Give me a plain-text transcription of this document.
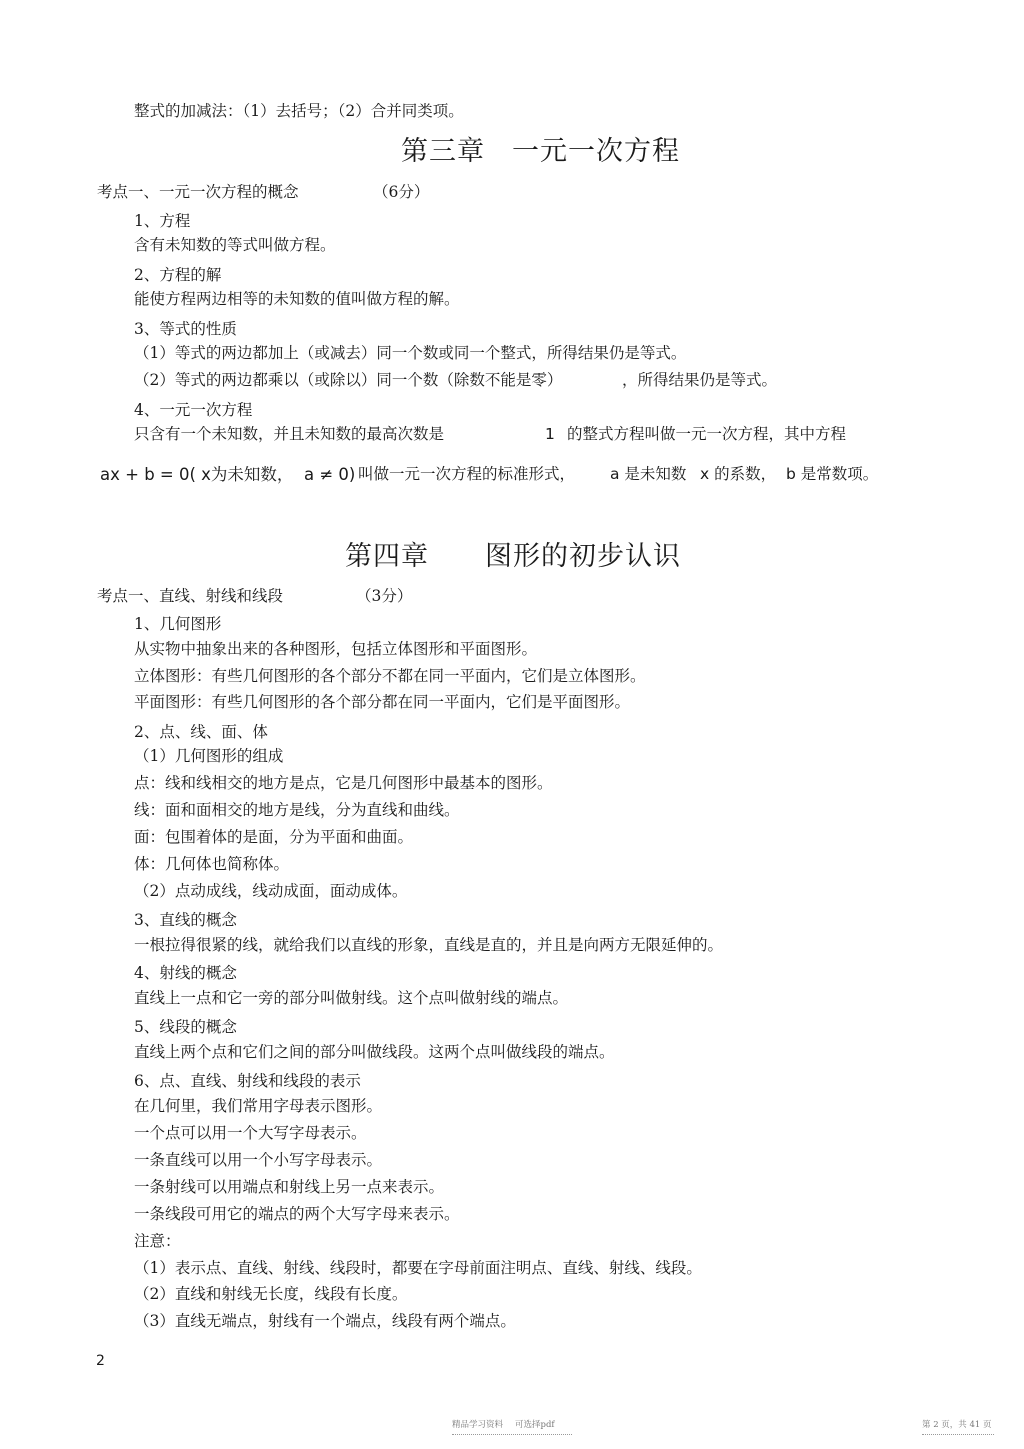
整式的加减法：（1）去括号；（2）合并同类项。
第三章 一元一次方程
考点一、一元一次方程的概念	（6分）
1、方程
含有未知数的等式叫做方程。
2、方程的解
能使方程两边相等的未知数的值叫做方程的解。
3、等式的性质
（1）等式的两边都加上（或减去）同一个数或同一个整式，所得结果仍是等式。
（2）等式的两边都乘以（或除以）同一个数（除数不能是零）	，所得结果仍是等式。
4、一元一次方程
只含有一个未知数，并且未知数的最高次数是	1 的整式方程叫做一元一次方程，其中方程
ax + b = 0( x为未知数， a ≠ 0) 叫做一元一次方程的标准形式， a 是未知数 x 的系数， b 是常数项。
第四章 图形的初步认识
考点一、直线、射线和线段	（3分）
1、几何图形
从实物中抽象出来的各种图形，包括立体图形和平面图形。
立体图形：有些几何图形的各个部分不都在同一平面内，它们是立体图形。
平面图形：有些几何图形的各个部分都在同一平面内，它们是平面图形。
2、点、线、面、体
（1）几何图形的组成
点：线和线相交的地方是点，它是几何图形中最基本的图形。
线：面和面相交的地方是线，分为直线和曲线。
面：包围着体的是面，分为平面和曲面。
体：几何体也简称体。
（2）点动成线，线动成面，面动成体。
3、直线的概念
一根拉得很紧的线，就给我们以直线的形象，直线是直的，并且是向两方无限延伸的。
4、射线的概念
直线上一点和它一旁的部分叫做射线。这个点叫做射线的端点。
5、线段的概念
直线上两个点和它们之间的部分叫做线段。这两个点叫做线段的端点。
6、点、直线、射线和线段的表示
在几何里，我们常用字母表示图形。
一个点可以用一个大写字母表示。
一条直线可以用一个小写字母表示。
一条射线可以用端点和射线上另一点来表示。
一条线段可用它的端点的两个大写字母来表示。
注意：
（1）表示点、直线、射线、线段时，都要在字母前面注明点、直线、射线、线段。
（2）直线和射线无长度，线段有长度。
（3）直线无端点，射线有一个端点，线段有两个端点。
2
精品学习资料 可选择pdf	第 2 页，共 41 页
